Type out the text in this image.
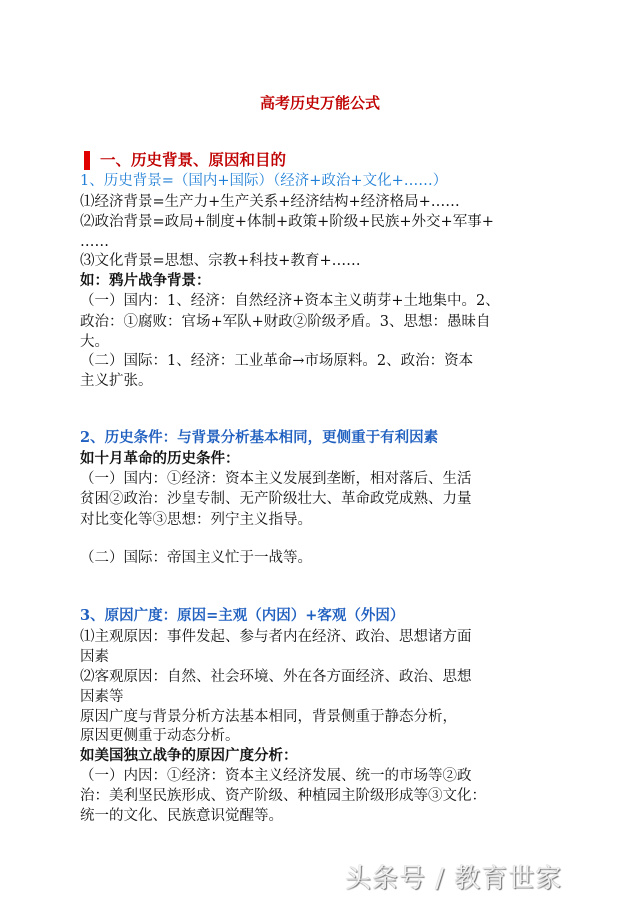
高考历史万能公式
一、历史背景、原因和目的
1、历史背景=（国内+国际）（经济+政治+文化+……）
⑴经济背景=生产力+生产关系+经济结构+经济格局+……
⑵政治背景=政局+制度+体制+政策+阶级+民族+外交+军事+
……
⑶文化背景=思想、宗教+科技+教育+……
如：鸦片战争背景：
（一）国内：1、经济：自然经济+资本主义萌芽+土地集中。2、
政治：①腐败：官场+军队+财政②阶级矛盾。3、思想：愚昧自
大。
（二）国际：1、经济：工业革命→市场原料。2、政治：资本
主义扩张。
2、历史条件：与背景分析基本相同，更侧重于有利因素
如十月革命的历史条件：
（一）国内：①经济：资本主义发展到垄断，相对落后、生活
贫困②政治：沙皇专制、无产阶级壮大、革命政党成熟、力量
对比变化等③思想：列宁主义指导。
（二）国际：帝国主义忙于一战等。
3、原因广度：原因=主观（内因）+客观（外因）
⑴主观原因：事件发起、参与者内在经济、政治、思想诸方面
因素
⑵客观原因：自然、社会环境、外在各方面经济、政治、思想
因素等
原因广度与背景分析方法基本相同，背景侧重于静态分析，
原因更侧重于动态分析。
如美国独立战争的原因广度分析：
（一）内因：①经济：资本主义经济发展、统一的市场等②政
治：美利坚民族形成、资产阶级、种植园主阶级形成等③文化：
统一的文化、民族意识觉醒等。
头条号 / 教育世家
